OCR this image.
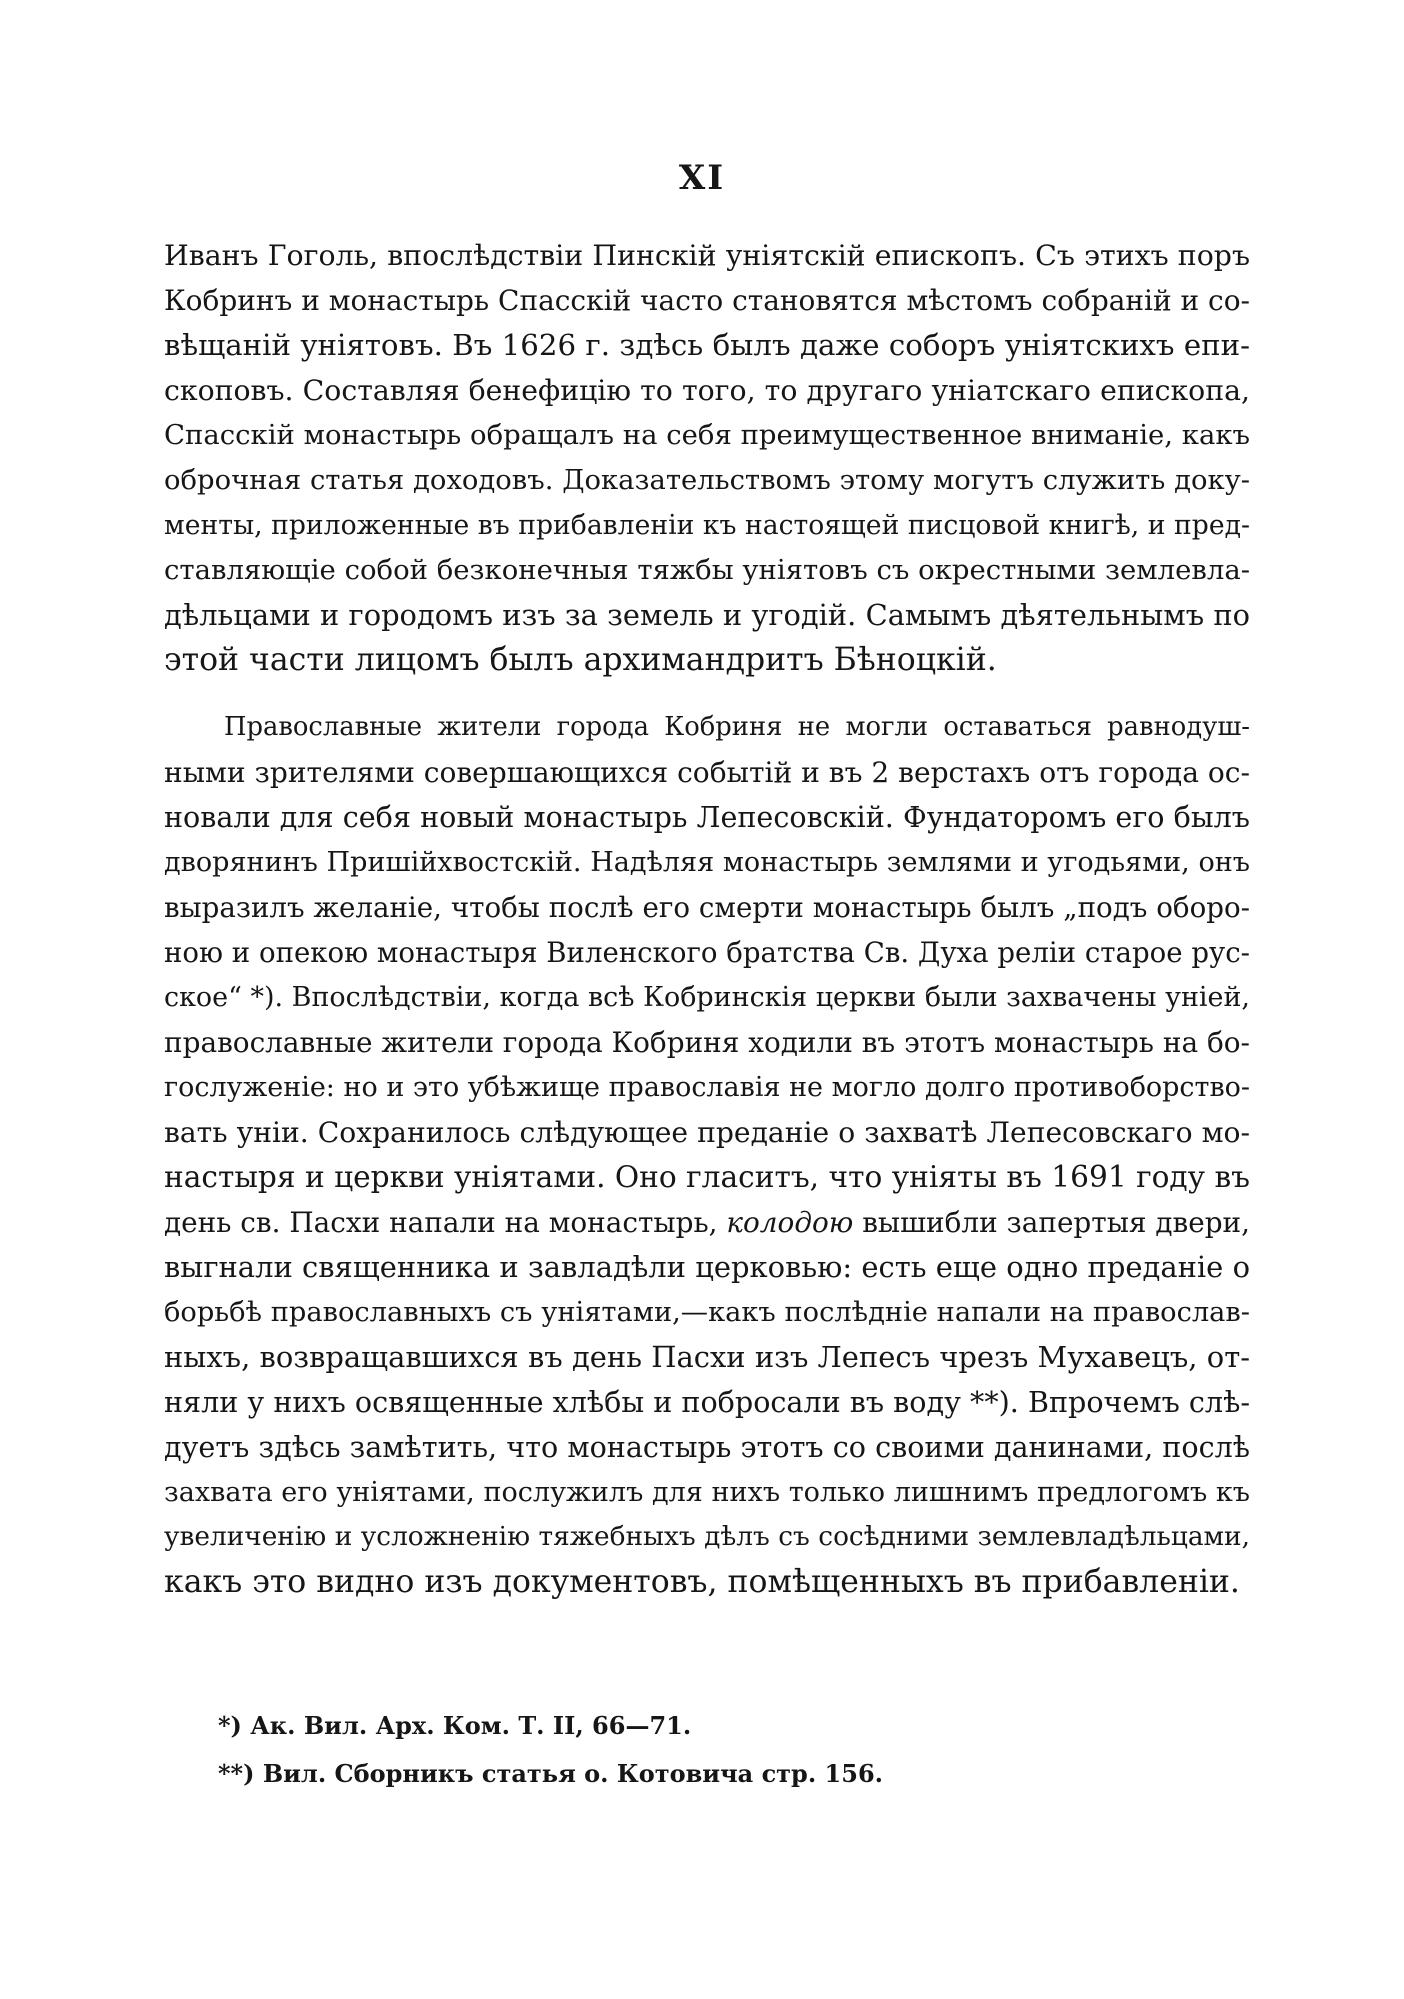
XI
Иванъ Гоголь, впослѣдствіи Пинскій уніятскій епископъ. Съ этихъ поръ
Кобринъ и монастырь Спасскій часто становятся мѣстомъ собраній и со-
вѣщаній уніятовъ. Въ 1626 г. здѣсь былъ даже соборъ уніятскихъ епи-
скоповъ. Составляя бенефицію то того, то другаго уніатскаго епископа,
Спасскій монастырь обращалъ на себя преимущественное вниманіе, какъ
оброчная статья доходовъ. Доказательствомъ этому могутъ служить доку-
менты, приложенные въ прибавленіи къ настоящей писцовой книгѣ, и пред-
ставляющіе собой безконечныя тяжбы уніятовъ съ окрестными землевла-
дѣльцами и городомъ изъ за земель и угодій. Самымъ дѣятельнымъ по
этой части лицомъ былъ архимандритъ Бѣноцкій.
Православные жители города Кобриня не могли оставаться равнодуш-
ными зрителями совершающихся событій и въ 2 верстахъ отъ города ос-
новали для себя новый монастырь Лепесовскій. Фундаторомъ его былъ
дворянинъ Пришійхвостскій. Надѣляя монастырь землями и угодьями, онъ
выразилъ желаніе, чтобы послѣ его смерти монастырь былъ „подъ оборо-
ною и опекою монастыря Виленского братства Св. Духа реліи старое рус-
ское“ *). Впослѣдствіи, когда всѣ Кобринскія церкви были захвачены уніей,
православные жители города Кобриня ходили въ этотъ монастырь на бо-
гослуженіе: но и это убѣжище православія не могло долго противоборство-
вать уніи. Сохранилось слѣдующее преданіе о захватѣ Лепесовскаго мо-
настыря и церкви уніятами. Оно гласитъ, что уніяты въ 1691 году въ
день св. Пасхи напали на монастырь, колодою вышибли запертыя двери,
выгнали священника и завладѣли церковью: есть еще одно преданіе о
борьбѣ православныхъ съ уніятами,—какъ послѣдніе напали на православ-
ныхъ, возвращавшихся въ день Пасхи изъ Лепесъ чрезъ Мухавецъ, от-
няли у нихъ освященные хлѣбы и побросали въ воду **). Впрочемъ слѣ-
дуетъ здѣсь замѣтить, что монастырь этотъ со своими данинами, послѣ
захвата его уніятами, послужилъ для нихъ только лишнимъ предлогомъ къ
увеличенію и усложненію тяжебныхъ дѣлъ съ сосѣдними землевладѣльцами,
какъ это видно изъ документовъ, помѣщенныхъ въ прибавленіи.
*) Ак. Вил. Арх. Ком. Т. II, 66—71.
**) Вил. Сборникъ статья о. Котовича стр. 156.
